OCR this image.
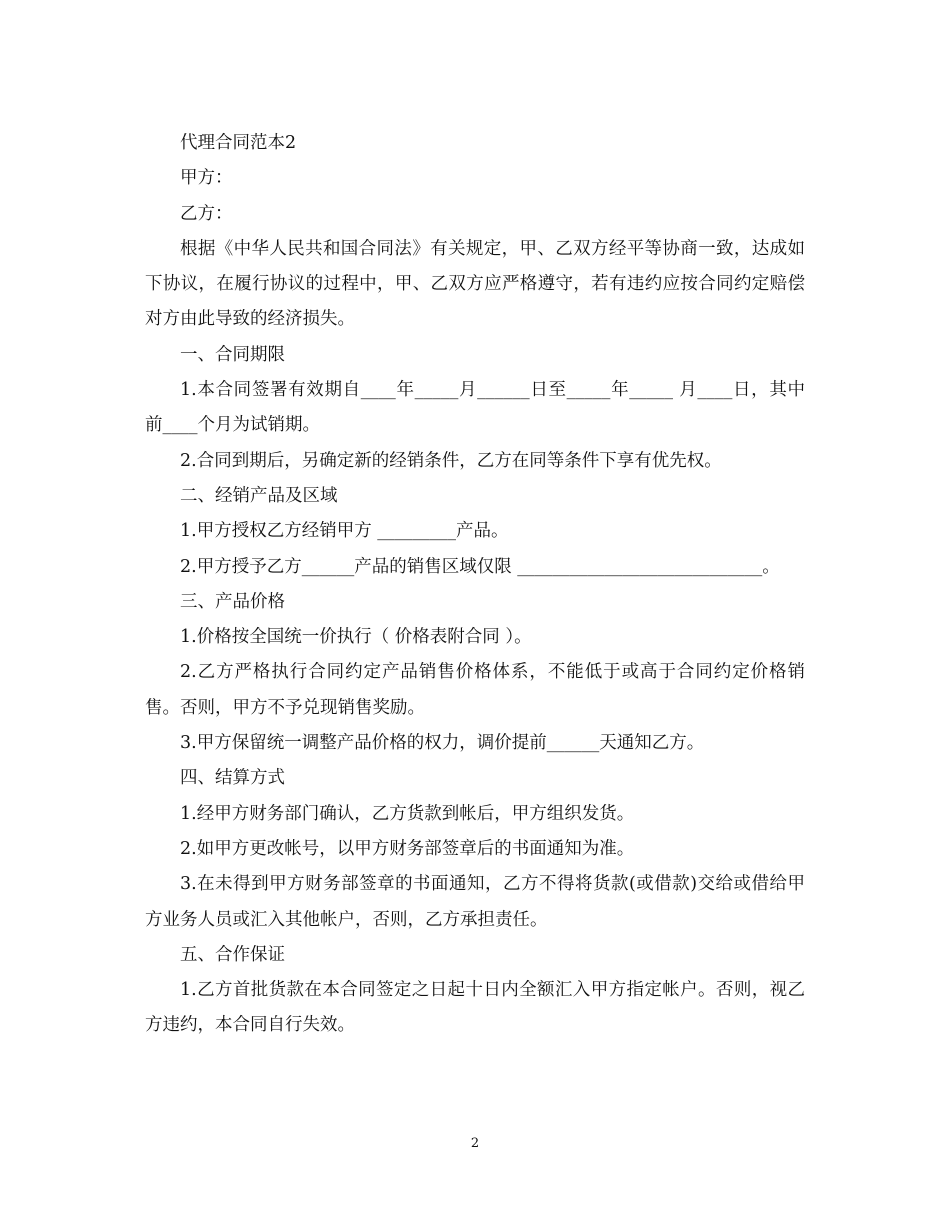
代理合同范本2

甲方：

乙方：

根据《中华人民共和国合同法》有关规定，甲、乙双方经平等协商一致，达成如下协议，在履行协议的过程中，甲、乙双方应严格遵守，若有违约应按合同约定赔偿对方由此导致的经济损失。

一、合同期限

1.本合同签署有效期自____年_____月______日至_____年_____ 月____日，其中前____个月为试销期。

2.合同到期后，另确定新的经销条件，乙方在同等条件下享有优先权。

二、经销产品及区域

1.甲方授权乙方经销甲方 _________产品。

2.甲方授予乙方______产品的销售区域仅限 ____________________________。

三、产品价格

1.价格按全国统一价执行（ 价格表附合同 ）。

2.乙方严格执行合同约定产品销售价格体系，不能低于或高于合同约定价格销售。否则，甲方不予兑现销售奖励。

3.甲方保留统一调整产品价格的权力，调价提前______天通知乙方。

四、结算方式

1.经甲方财务部门确认，乙方货款到帐后，甲方组织发货。

2.如甲方更改帐号，以甲方财务部签章后的书面通知为准。

3.在未得到甲方财务部签章的书面通知，乙方不得将货款(或借款)交给或借给甲方业务人员或汇入其他帐户，否则，乙方承担责任。

五、合作保证

1.乙方首批货款在本合同签定之日起十日内全额汇入甲方指定帐户。否则，视乙方违约，本合同自行失效。

2
